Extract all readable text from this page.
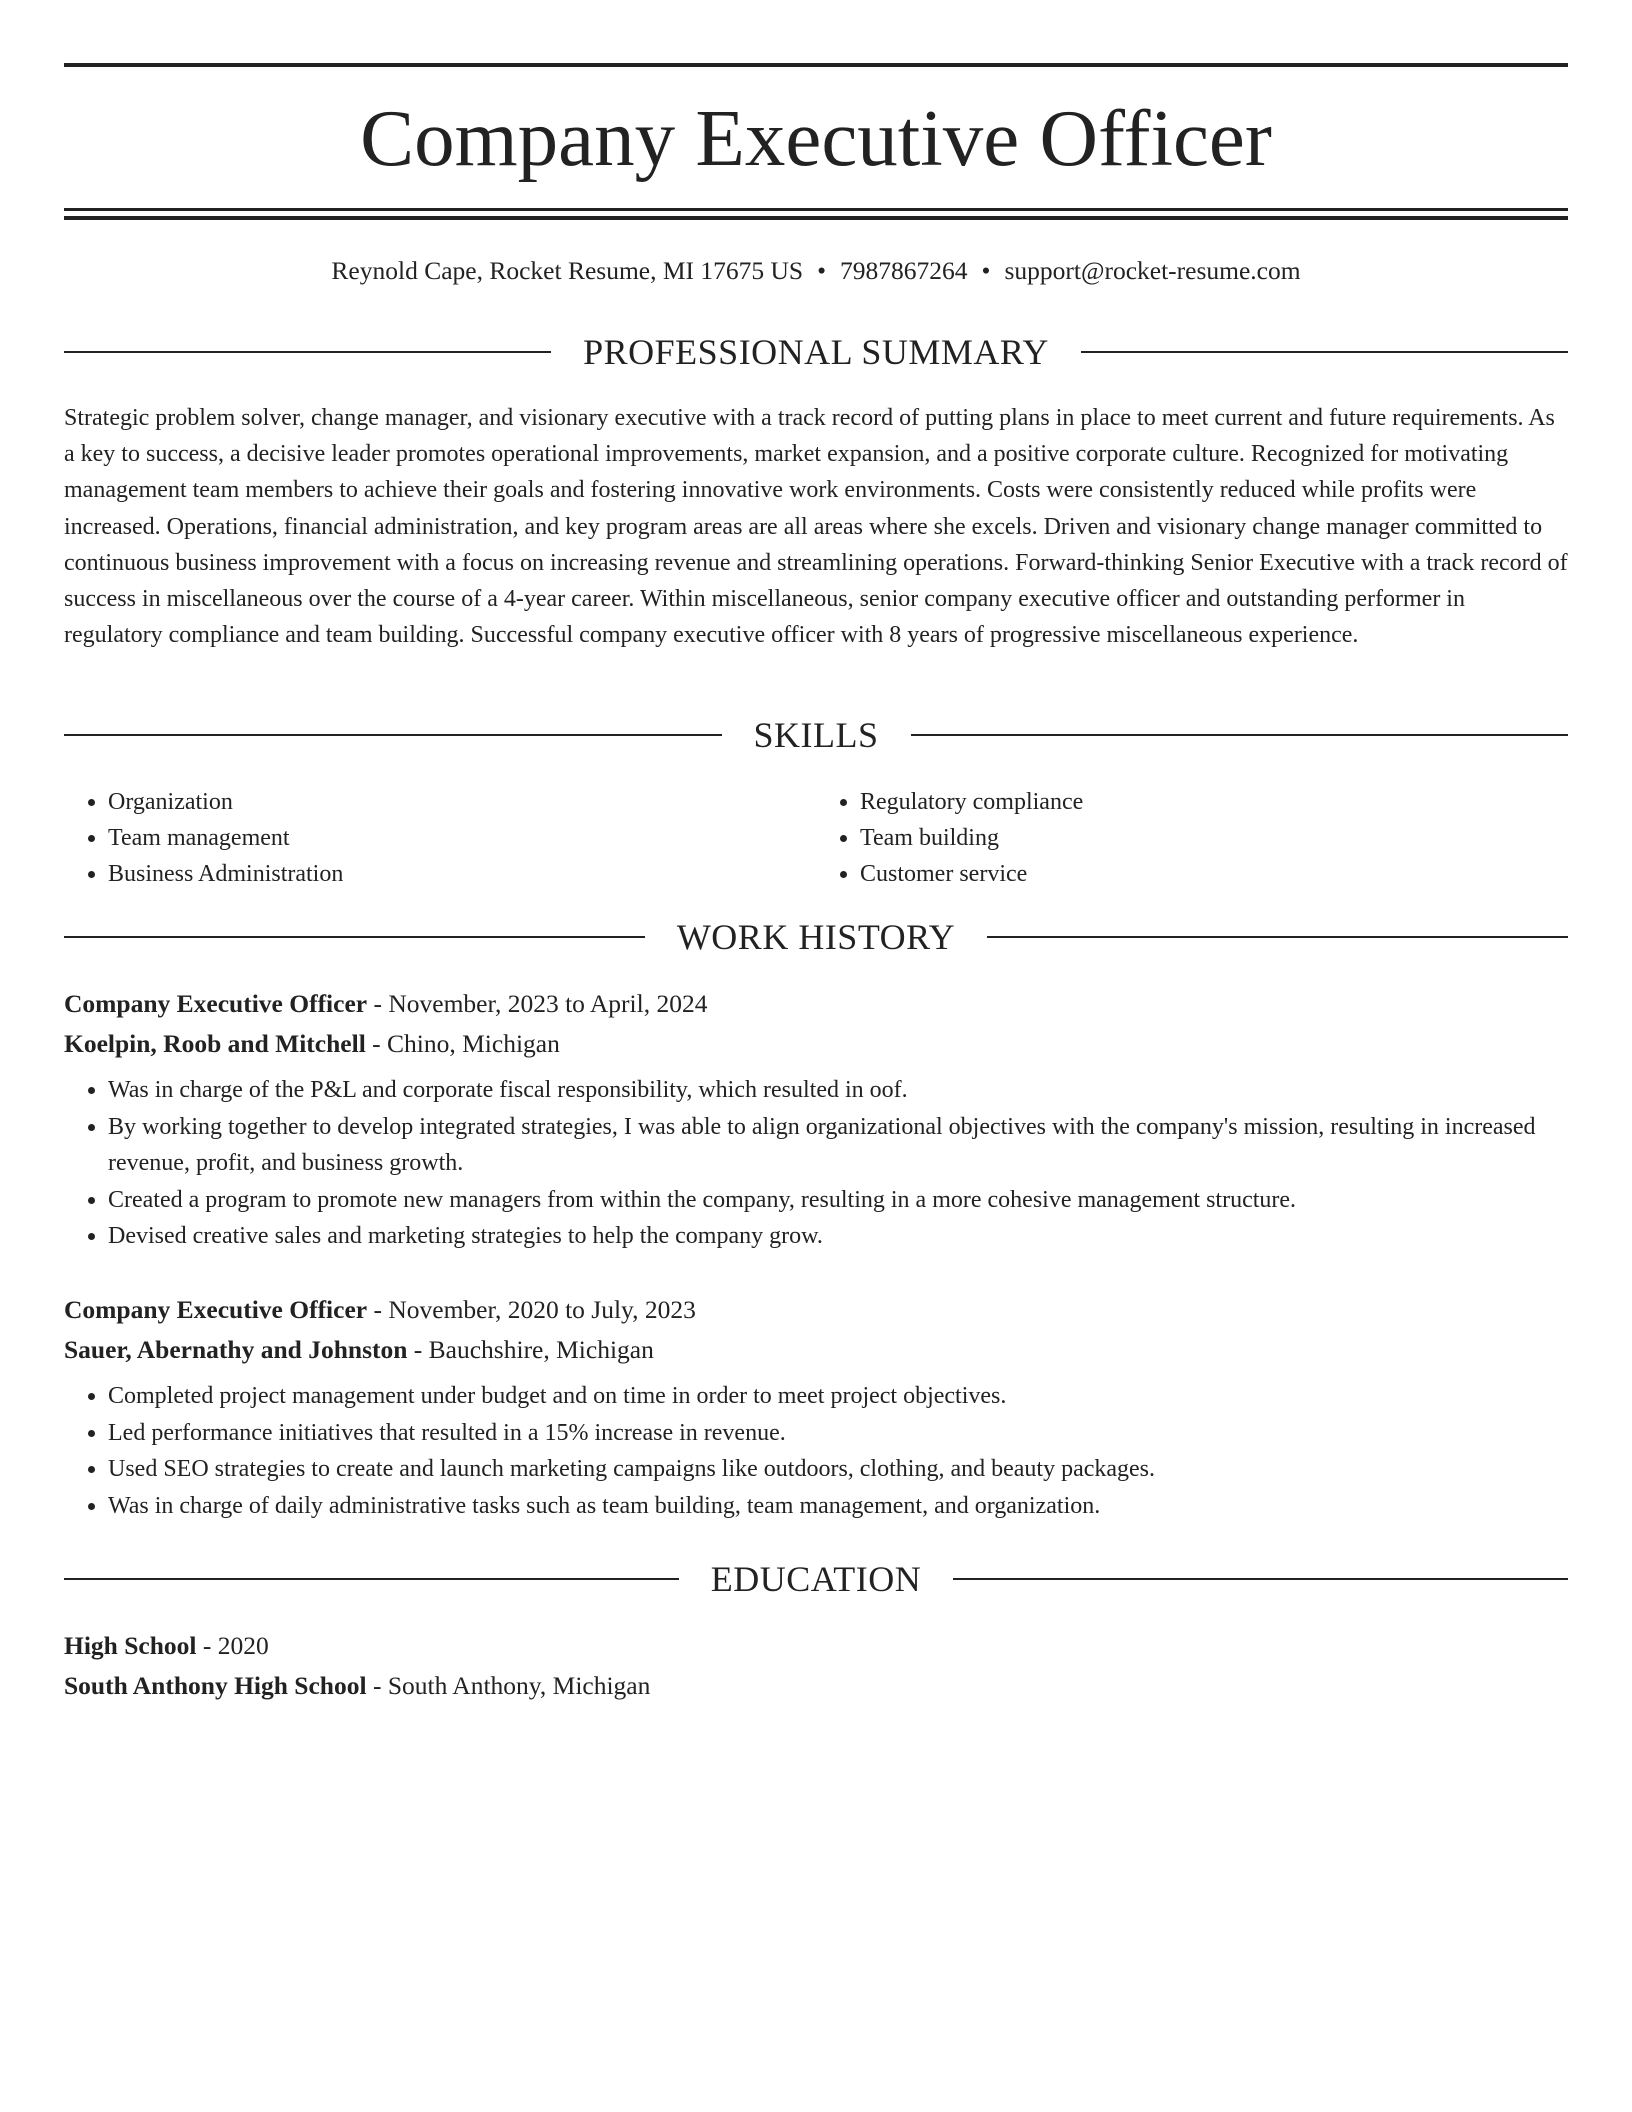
Company Executive Officer
Reynold Cape, Rocket Resume, MI 17675 US • 7987867264 • support@rocket-resume.com
PROFESSIONAL SUMMARY

Strategic problem solver, change manager, and visionary executive with a track record of putting plans in place to meet current and future requirements. As a key to success, a decisive leader promotes operational improvements, market expansion, and a positive corporate culture. Recognized for motivating management team members to achieve their goals and fostering innovative work environments. Costs were consistently reduced while profits were increased. Operations, financial administration, and key program areas are all areas where she excels. Driven and visionary change manager committed to continuous business improvement with a focus on increasing revenue and streamlining operations. Forward-thinking Senior Executive with a track record of success in miscellaneous over the course of a 4-year career. Within miscellaneous, senior company executive officer and outstanding performer in regulatory compliance and team building. Successful company executive officer with 8 years of progressive miscellaneous experience.

SKILLS
• Organization
• Team management
• Business Administration
• Regulatory compliance
• Team building
• Customer service
WORK HISTORY
Company Executive Officer - November, 2023 to April, 2024
Koelpin, Roob and Mitchell - Chino, Michigan
• Was in charge of the P&L and corporate fiscal responsibility, which resulted in oof.
• By working together to develop integrated strategies, I was able to align organizational objectives with the company's mission, resulting in increased revenue, profit, and business growth.
• Created a program to promote new managers from within the company, resulting in a more cohesive management structure.
• Devised creative sales and marketing strategies to help the company grow.
Company Executive Officer - November, 2020 to July, 2023
Sauer, Abernathy and Johnston - Bauchshire, Michigan
• Completed project management under budget and on time in order to meet project objectives.
• Led performance initiatives that resulted in a 15% increase in revenue.
• Used SEO strategies to create and launch marketing campaigns like outdoors, clothing, and beauty packages.
• Was in charge of daily administrative tasks such as team building, team management, and organization.
EDUCATION
High School - 2020
South Anthony High School - South Anthony, Michigan
